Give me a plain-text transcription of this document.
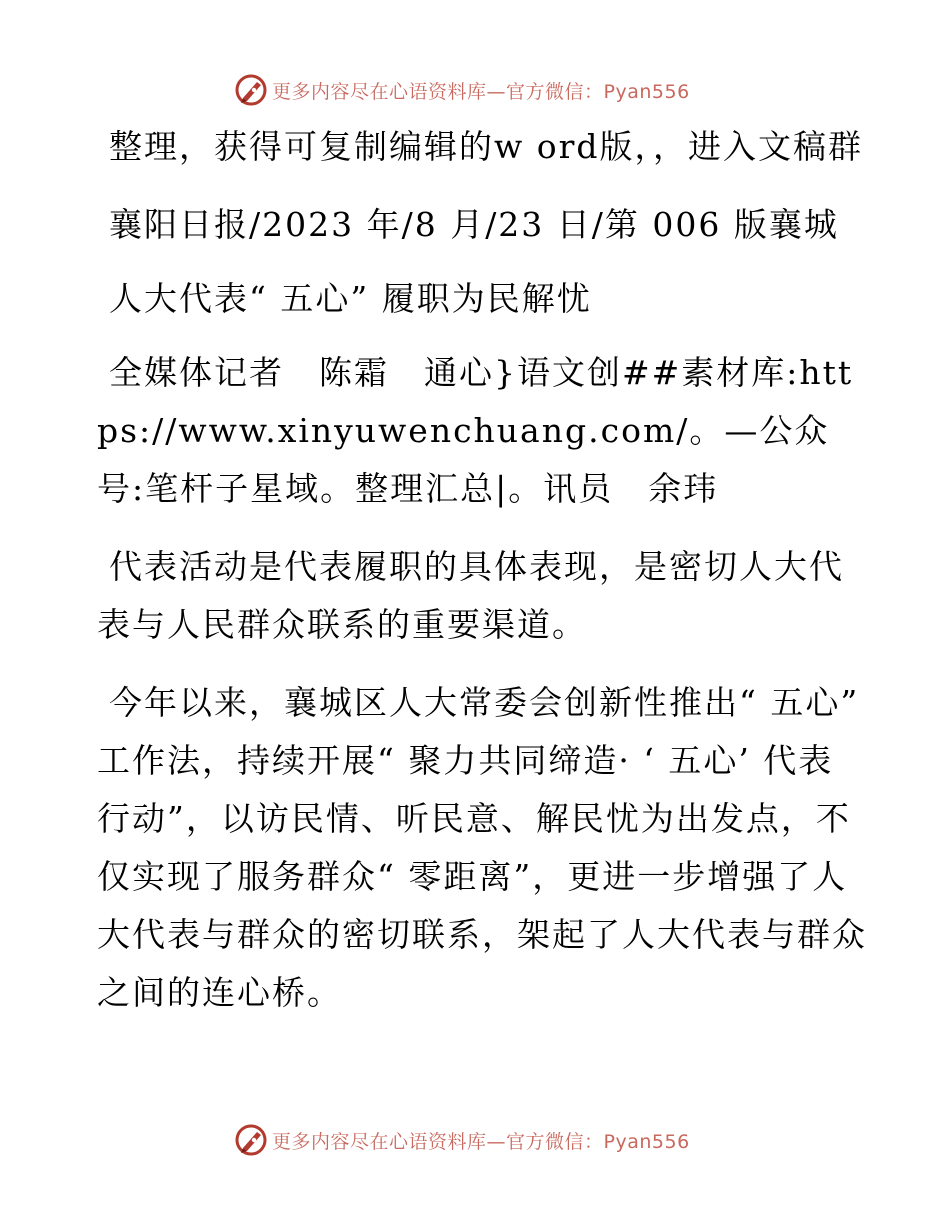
更多内容尽在心语资料库—官方微信：Pyan556

整理，获得可复制编辑的w ord版，，进入文稿群

襄阳日报/2023 年/8 月/23 日/第 006 版襄城

人大代表“ 五心” 履职为民解忧

全媒体记者　陈霜　通心}语文创##素材库:https://www.xinyuwenchuang.com/。—公众号:笔杆子星域。整理汇总|。讯员　余玮

代表活动是代表履职的具体表现，是密切人大代表与人民群众联系的重要渠道。

今年以来，襄城区人大常委会创新性推出“ 五心” 工作法，持续开展“ 聚力共同缔造· ‘ 五心’ 代表行动”，以访民情、听民意、解民忧为出发点，不仅实现了服务群众“ 零距离”，更进一步增强了人大代表与群众的密切联系，架起了人大代表与群众之间的连心桥。

更多内容尽在心语资料库—官方微信：Pyan556
